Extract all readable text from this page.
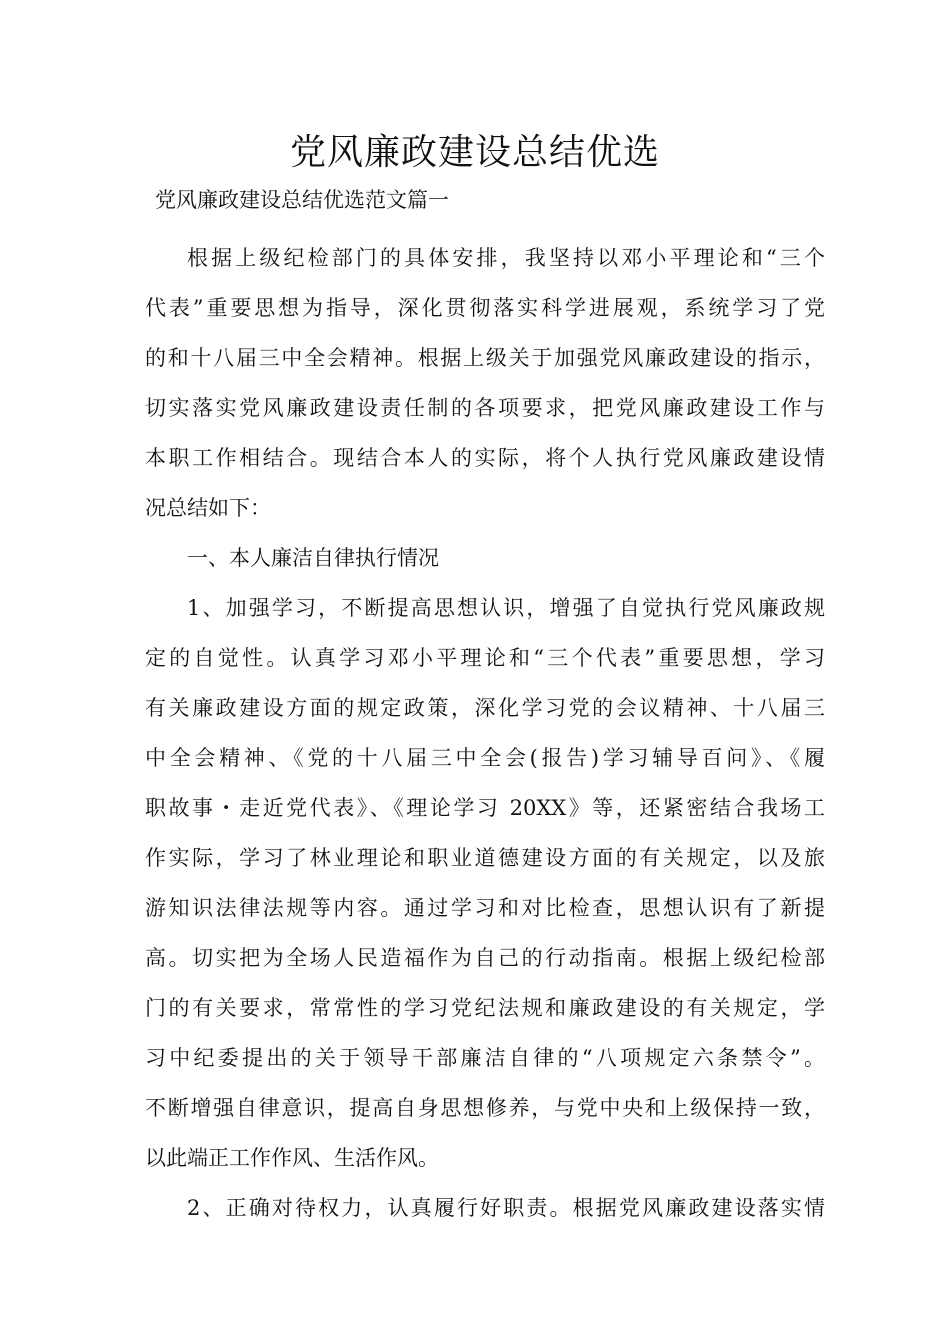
党风廉政建设总结优选
党风廉政建设总结优选范文篇一
根据上级纪检部门的具体安排，我坚持以邓小平理论和“三个
代表”重要思想为指导，深化贯彻落实科学进展观，系统学习了党
的和十八届三中全会精神。根据上级关于加强党风廉政建设的指示，
切实落实党风廉政建设责任制的各项要求，把党风廉政建设工作与
本职工作相结合。现结合本人的实际，将个人执行党风廉政建设情
况总结如下：
一、本人廉洁自律执行情况
1、加强学习，不断提高思想认识，增强了自觉执行党风廉政规
定的自觉性。认真学习邓小平理论和“三个代表”重要思想，学习
有关廉政建设方面的规定政策，深化学习党的会议精神、十八届三
中全会精神、《党的十八届三中全会(报告)学习辅导百问》、《履
职故事・走近党代表》、《理论学习 20XX》等，还紧密结合我场工
作实际，学习了林业理论和职业道德建设方面的有关规定，以及旅
游知识法律法规等内容。通过学习和对比检查，思想认识有了新提
高。切实把为全场人民造福作为自己的行动指南。根据上级纪检部
门的有关要求，常常性的学习党纪法规和廉政建设的有关规定，学
习中纪委提出的关于领导干部廉洁自律的“八项规定六条禁令”。
不断增强自律意识，提高自身思想修养，与党中央和上级保持一致，
以此端正工作作风、生活作风。
2、正确对待权力，认真履行好职责。根据党风廉政建设落实情
